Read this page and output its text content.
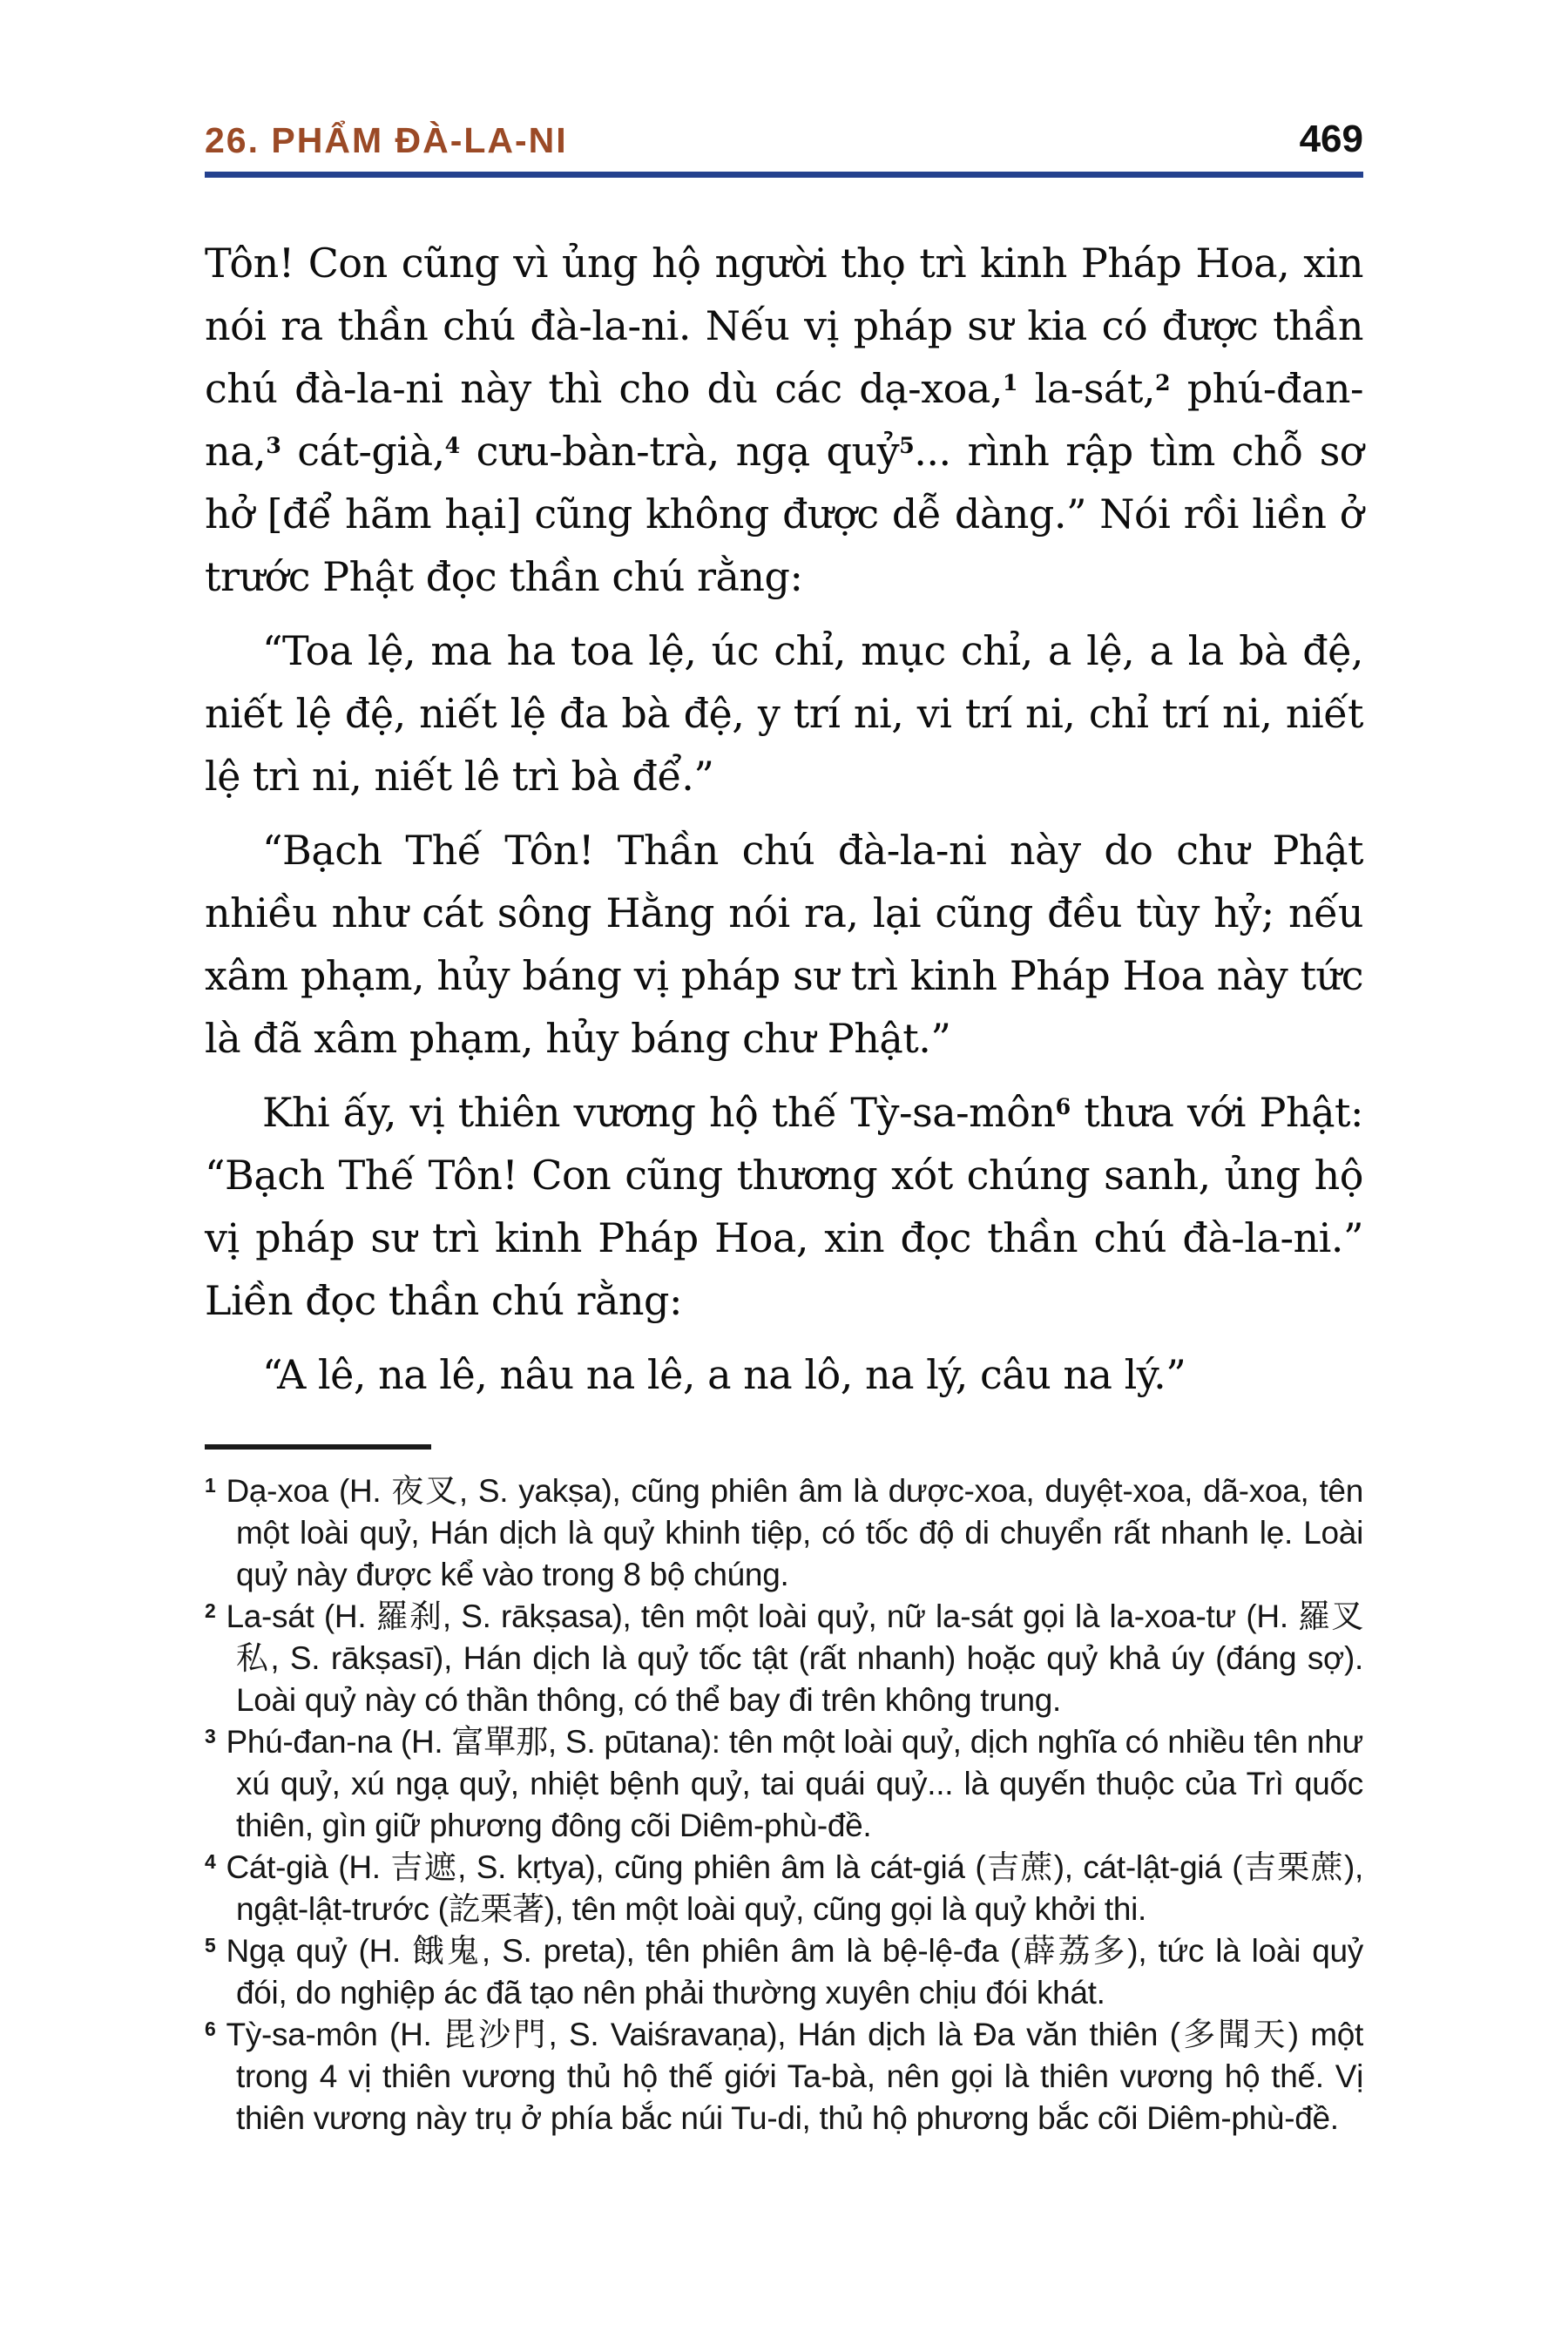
26. PHẨM ĐÀ-LA-NI	469

Tôn! Con cũng vì ủng hộ người thọ trì kinh Pháp Hoa, xin nói ra thần chú đà-la-ni. Nếu vị pháp sư kia có được thần chú đà-la-ni này thì cho dù các dạ-xoa,$^1$ la-sát,$^2$ phú-đan-na,$^3$ cát-già,$^4$ cưu-bàn-trà, ngạ quỷ$^5$... rình rập tìm chỗ sơ hở [để hãm hại] cũng không được dễ dàng.” Nói rồi liền ở trước Phật đọc thần chú rằng:

“Toa lệ, ma ha toa lệ, úc chỉ, mục chỉ, a lệ, a la bà đệ, niết lệ đệ, niết lệ đa bà đệ, y trí ni, vi trí ni, chỉ trí ni, niết lệ trì ni, niết lê trì bà để.”

“Bạch Thế Tôn! Thần chú đà-la-ni này do chư Phật nhiều như cát sông Hằng nói ra, lại cũng đều tùy hỷ; nếu xâm phạm, hủy báng vị pháp sư trì kinh Pháp Hoa này tức là đã xâm phạm, hủy báng chư Phật.”

Khi ấy, vị thiên vương hộ thế Tỳ-sa-môn$^6$ thưa với Phật: “Bạch Thế Tôn! Con cũng thương xót chúng sanh, ủng hộ vị pháp sư trì kinh Pháp Hoa, xin đọc thần chú đà-la-ni.” Liền đọc thần chú rằng:

“A lê, na lê, nâu na lê, a na lô, na lý, câu na lý.”

$^1$ Dạ-xoa (H. 夜叉, S. yakṣa), cũng phiên âm là dược-xoa, duyệt-xoa, dã-xoa, tên một loài quỷ, Hán dịch là quỷ khinh tiệp, có tốc độ di chuyển rất nhanh lẹ. Loài quỷ này được kể vào trong 8 bộ chúng.

$^2$ La-sát (H. 羅刹, S. rākṣasa), tên một loài quỷ, nữ la-sát gọi là la-xoa-tư (H. 羅叉私, S. rākṣasī), Hán dịch là quỷ tốc tật (rất nhanh) hoặc quỷ khả úy (đáng sợ). Loài quỷ này có thần thông, có thể bay đi trên không trung.

$^3$ Phú-đan-na (H. 富單那, S. pūtana): tên một loài quỷ, dịch nghĩa có nhiều tên như xú quỷ, xú ngạ quỷ, nhiệt bệnh quỷ, tai quái quỷ... là quyến thuộc của Trì quốc thiên, gìn giữ phương đông cõi Diêm-phù-đề.

$^4$ Cát-già (H. 吉遮, S. kṛtya), cũng phiên âm là cát-giá (吉蔗), cát-lật-giá (吉栗蔗), ngật-lật-trước (訖栗著), tên một loài quỷ, cũng gọi là quỷ khởi thi.

$^5$ Ngạ quỷ (H. 餓鬼, S. preta), tên phiên âm là bệ-lệ-đa (薜荔多), tức là loài quỷ đói, do nghiệp ác đã tạo nên phải thường xuyên chịu đói khát.

$^6$ Tỳ-sa-môn (H. 毘沙門, S. Vaiśravaṇa), Hán dịch là Đa văn thiên (多聞天) một trong 4 vị thiên vương thủ hộ thế giới Ta-bà, nên gọi là thiên vương hộ thế. Vị thiên vương này trụ ở phía bắc núi Tu-di, thủ hộ phương bắc cõi Diêm-phù-đề.
